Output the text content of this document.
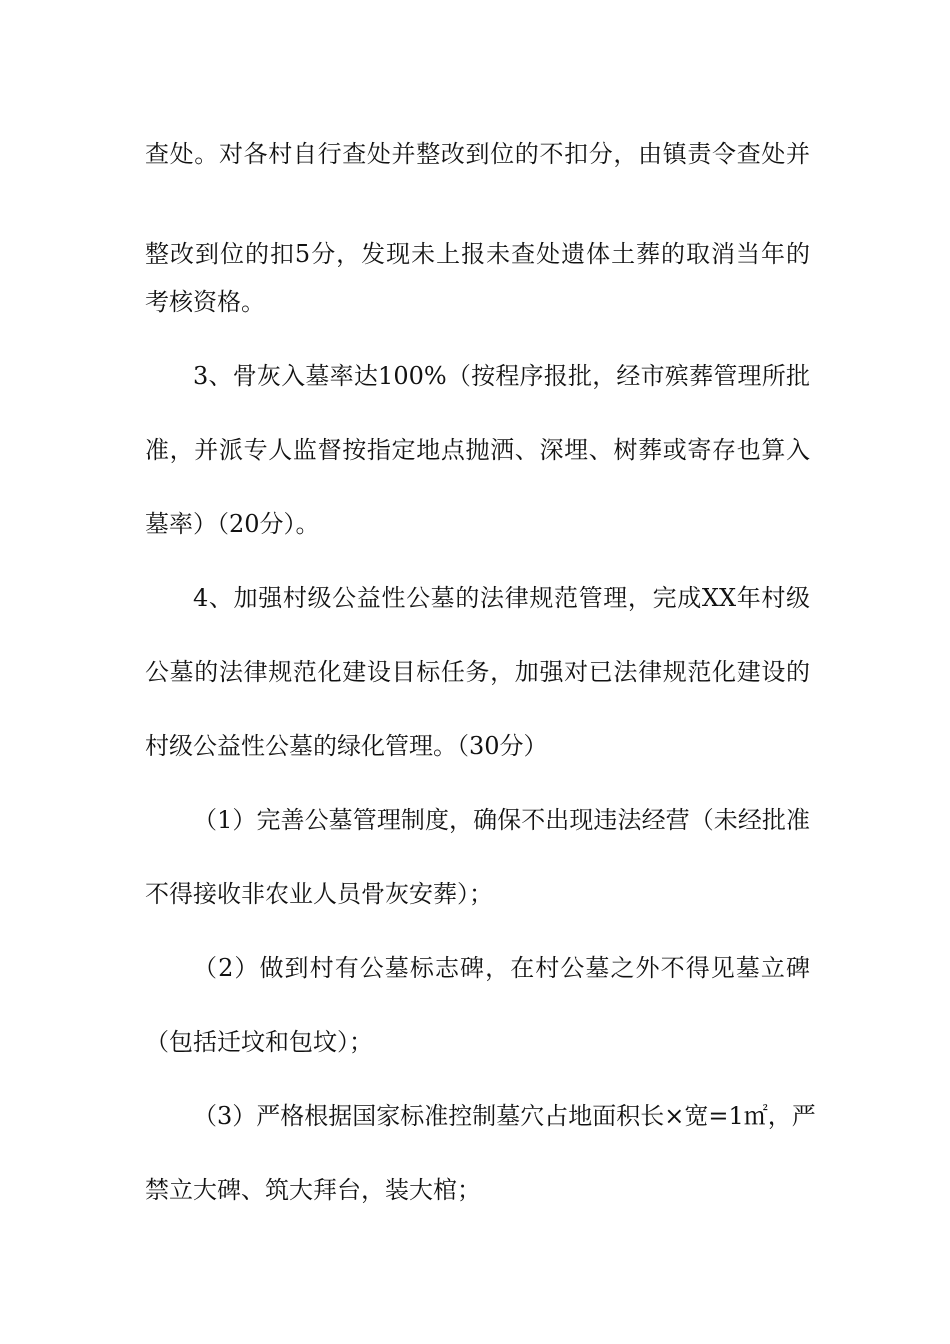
查处。对各村自行查处并整改到位的不扣分，由镇责令查处并
整改到位的扣5分，发现未上报未查处遗体土葬的取消当年的
考核资格。
3、骨灰入墓率达100%（按程序报批，经市殡葬管理所批
准，并派专人监督按指定地点抛洒、深埋、树葬或寄存也算入
墓率）（20分）。
4、加强村级公益性公墓的法律规范管理，完成XX年村级
公墓的法律规范化建设目标任务，加强对已法律规范化建设的
村级公益性公墓的绿化管理。（30分）
（1）完善公墓管理制度，确保不出现违法经营（未经批准
不得接收非农业人员骨灰安葬）；
（2）做到村有公墓标志碑，在村公墓之外不得见墓立碑
（包括迁坟和包坟）；
（3）严格根据国家标准控制墓穴占地面积长×宽=1㎡，严
禁立大碑、筑大拜台，装大棺；
